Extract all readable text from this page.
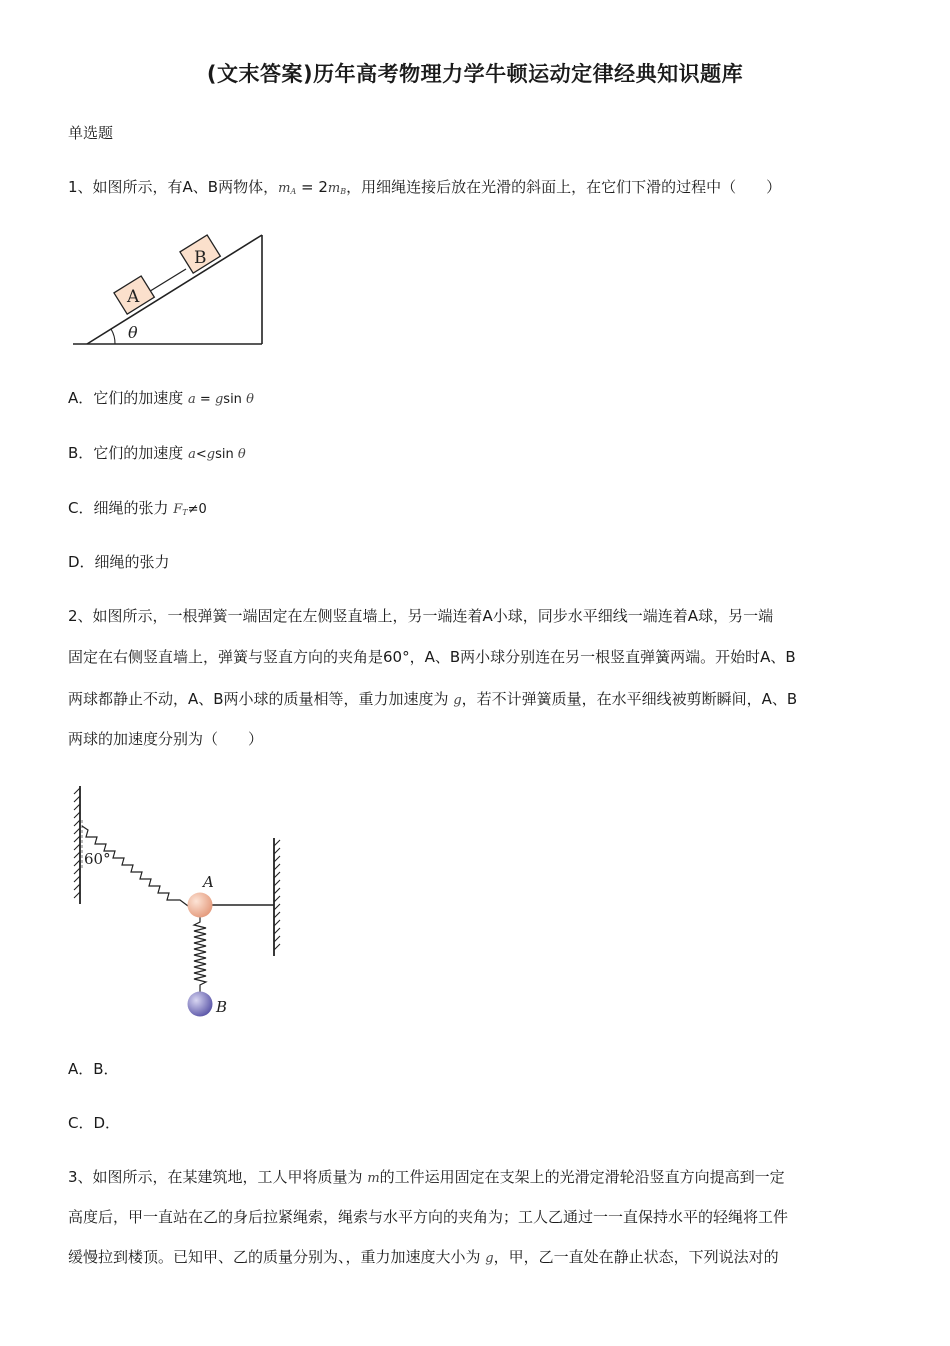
(文末答案)历年高考物理力学牛顿运动定律经典知识题库
单选题
1、如图所示，有A、B两物体，$m_A = 2m_B$，用细绳连接后放在光滑的斜面上，在它们下滑的过程中（　　）
θ
A
B
A．它们的加速度 a = gsin θ
B．它们的加速度 a<gsin θ
C．细绳的张力 $F_T\ne 0$
D．细绳的张力
2、如图所示，一根弹簧一端固定在左侧竖直墙上，另一端连着A小球，同步水平细线一端连着A球，另一端
固定在右侧竖直墙上，弹簧与竖直方向的夹角是60°，A、B两小球分别连在另一根竖直弹簧两端。开始时A、B
两球都静止不动，A、B两小球的质量相等，重力加速度为 g，若不计弹簧质量，在水平细线被剪断瞬间，A、B
两球的加速度分别为（　　）
60°
A
B
A．B．
C．D．
3、如图所示，在某建筑地，工人甲将质量为 m的工件运用固定在支架上的光滑定滑轮沿竖直方向提高到一定
高度后，甲一直站在乙的身后拉紧绳索，绳索与水平方向的夹角为；工人乙通过一一直保持水平的轻绳将工件
缓慢拉到楼顶。已知甲、乙的质量分别为、，重力加速度大小为 g，甲，乙一直处在静止状态，下列说法对的
